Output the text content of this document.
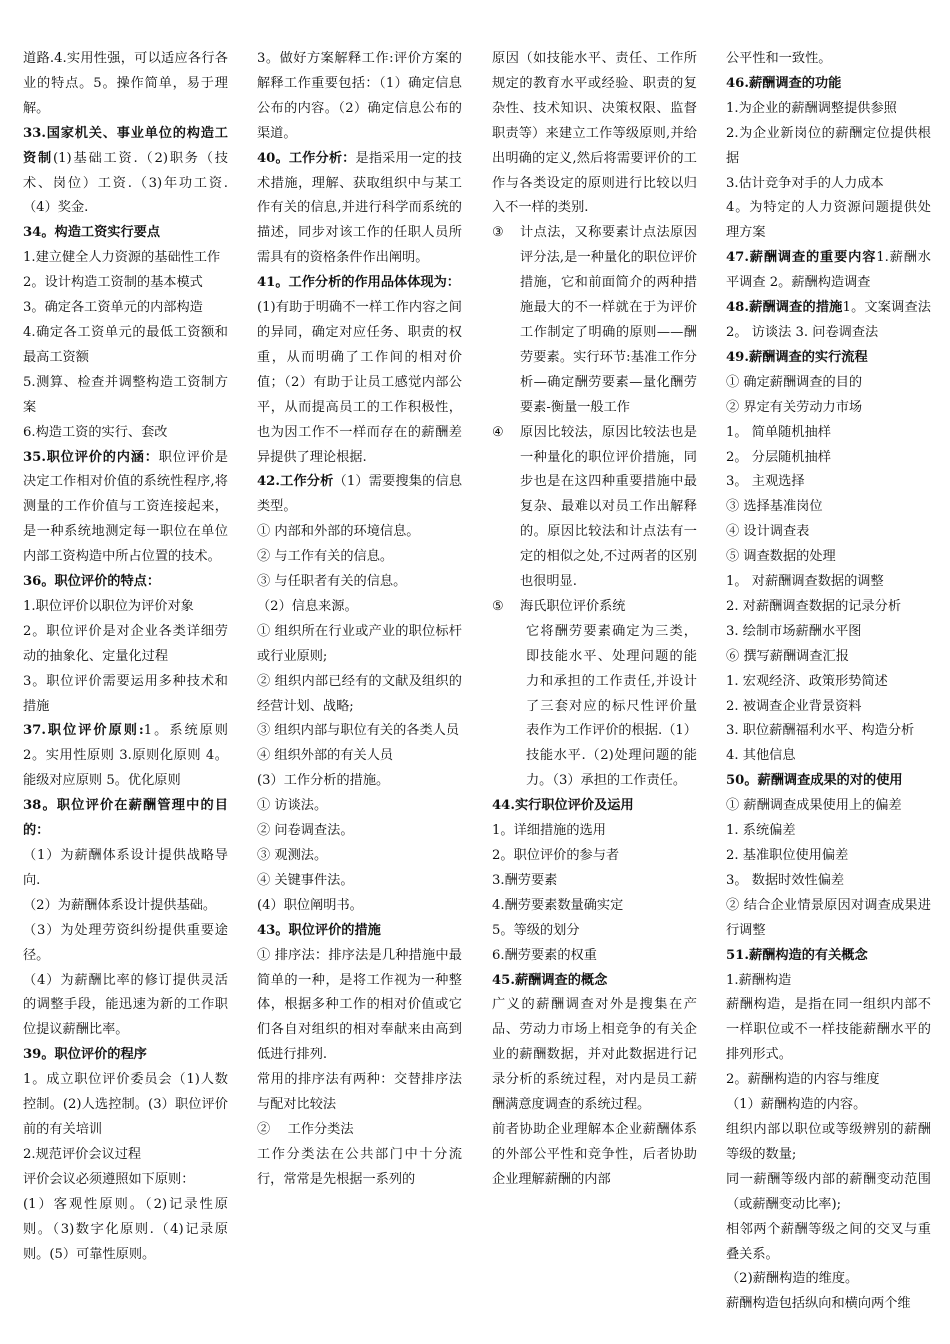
道路.4.实用性强，可以适应各行各业的特点。5。操作简单，易于理解。

33.国家机关、事业单位的构造工资制(1)基础工资.（2)职务（技术、岗位）工资.（3)年功工资.（4）奖金.

34。构造工资实行要点

1.建立健全人力资源的基础性工作

2。设计构造工资制的基本模式

3。确定各工资单元的内部构造

4.确定各工资单元的最低工资额和最高工资额

5.测算、检查并调整构造工资制方案

6.构造工资的实行、套改

35.职位评价的内涵：职位评价是决定工作相对价值的系统性程序,将测量的工作价值与工资连接起来，是一种系统地测定每一职位在单位内部工资构造中所占位置的技术。

36。职位评价的特点：

1.职位评价以职位为评价对象

2。职位评价是对企业各类详细劳动的抽象化、定量化过程

3。职位评价需要运用多种技术和措施

37.职位评价原则:1。系统原则 2。实用性原则 3.原则化原则 4。能级对应原则 5。优化原则

38。职位评价在薪酬管理中的目的：

（1）为薪酬体系设计提供战略导向.

（2）为薪酬体系设计提供基础。

（3）为处理劳资纠纷提供重要途径。

（4）为薪酬比率的修订提供灵活的调整手段，能迅速为新的工作职位提议薪酬比率。

39。职位评价的程序

1。成立职位评价委员会（1)人数控制。(2)人选控制。(3）职位评价前的有关培训

2.规范评价会议过程

评价会议必须遵照如下原则：

(1）客观性原则。（2)记录性原则。（3)数字化原则.（4)记录原则。(5）可靠性原则。

3。做好方案解释工作:评价方案的解释工作重要包括：（1）确定信息公布的内容。（2）确定信息公布的渠道。

40。工作分析：是指采用一定的技术措施，理解、获取组织中与某工作有关的信息,并进行科学而系统的描述，同步对该工作的任职人员所需具有的资格条件作出阐明。

41。工作分析的作用品体体现为：

(1)有助于明确不一样工作内容之间的异同，确定对应任务、职责的权重，从而明确了工作间的相对价值；（2）有助于让员工感觉内部公平，从而提高员工的工作积极性，也为因工作不一样而存在的薪酬差异提供了理论根据.

42.工作分析（1）需要搜集的信息类型。

① 内部和外部的环境信息。

② 与工作有关的信息。

③ 与任职者有关的信息。

（2）信息来源。

① 组织所在行业或产业的职位标杆或行业原则;

② 组织内部已经有的文献及组织的经营计划、战略;

③ 组织内部与职位有关的各类人员

④ 组织外部的有关人员

(3）工作分析的措施。

① 访谈法。

② 问卷调查法。

③ 观测法。

④ 关键事件法。

(4）职位阐明书。

43。职位评价的措施

① 排序法：排序法是几种措施中最简单的一种，是将工作视为一种整体，根据多种工作的相对价值或它们各自对组织的相对奉献来由高到低进行排列.

常用的排序法有两种：交替排序法与配对比较法

② 　工作分类法

工作分类法在公共部门中十分流行，常常是先根据一系列的

原因（如技能水平、责任、工作所规定的教育水平或经验、职责的复杂性、技术知识、决策权限、监督职责等）来建立工作等级原则,并给出明确的定义,然后将需要评价的工作与各类设定的原则进行比较以归入不一样的类别.

③	计点法，又称要素计点法原因评分法,是一种量化的职位评价措施，它和前面简介的两种措施最大的不一样就在于为评价工作制定了明确的原则——酬劳要素。实行环节:基准工作分析—确定酬劳要素—量化酬劳要素-衡量一般工作
④	原因比较法，原因比较法也是一种量化的职位评价措施，同步也是在这四种重要措施中最复杂、最难以对员工作出解释的。原因比较法和计点法有一定的相似之处,不过两者的区别也很明显.
⑤	海氏职位评价系统

它将酬劳要素确定为三类，即技能水平、处理问题的能力和承担的工作责任,并设计了三套对应的标尺性评价量表作为工作评价的根据.（1）技能水平.（2)处理问题的能力。（3）承担的工作责任。

44.实行职位评价及运用

1。详细措施的选用

2。职位评价的参与者

3.酬劳要素

4.酬劳要素数量确实定

5。等级的划分

6.酬劳要素的权重

45.薪酬调查的概念

广义的薪酬调查对外是搜集在产品、劳动力市场上相竞争的有关企业的薪酬数据，并对此数据进行记录分析的系统过程，对内是员工薪酬满意度调查的系统过程。

前者协助企业理解本企业薪酬体系的外部公平性和竞争性，后者协助企业理解薪酬的内部

公平性和一致性。

46.薪酬调查的功能

1.为企业的薪酬调整提供参照

2.为企业新岗位的薪酬定位提供根据

3.估计竞争对手的人力成本

4。为特定的人力资源问题提供处理方案

47.薪酬调查的重要内容1.薪酬水平调查 2。薪酬构造调查

48.薪酬调查的措施1。文案调查法 2。 访谈法 3. 问卷调查法

49.薪酬调查的实行流程

① 确定薪酬调查的目的

② 界定有关劳动力市场

1。 简单随机抽样

2。 分层随机抽样

3。 主观选择

③ 选择基准岗位

④ 设计调查表

⑤ 调查数据的处理

1。 对薪酬调查数据的调整

2. 对薪酬调查数据的记录分析

3. 绘制市场薪酬水平图

⑥ 撰写薪酬调查汇报

1. 宏观经济、政策形势简述

2. 被调查企业背景资料

3. 职位薪酬福利水平、构造分析

4. 其他信息

50。薪酬调查成果的对的使用

① 薪酬调查成果使用上的偏差

1. 系统偏差

2. 基准职位使用偏差

3。 数据时效性偏差

② 结合企业情景原因对调查成果进行调整

51.薪酬构造的有关概念

1.薪酬构造

薪酬构造，是指在同一组织内部不一样职位或不一样技能薪酬水平的排列形式。

2。薪酬构造的内容与维度

（1）薪酬构造的内容。

组织内部以职位或等级辨别的薪酬等级的数量;

同一薪酬等级内部的薪酬变动范围（或薪酬变动比率);

相邻两个薪酬等级之间的交叉与重叠关系。

（2)薪酬构造的维度。

薪酬构造包括纵向和横向两个维
